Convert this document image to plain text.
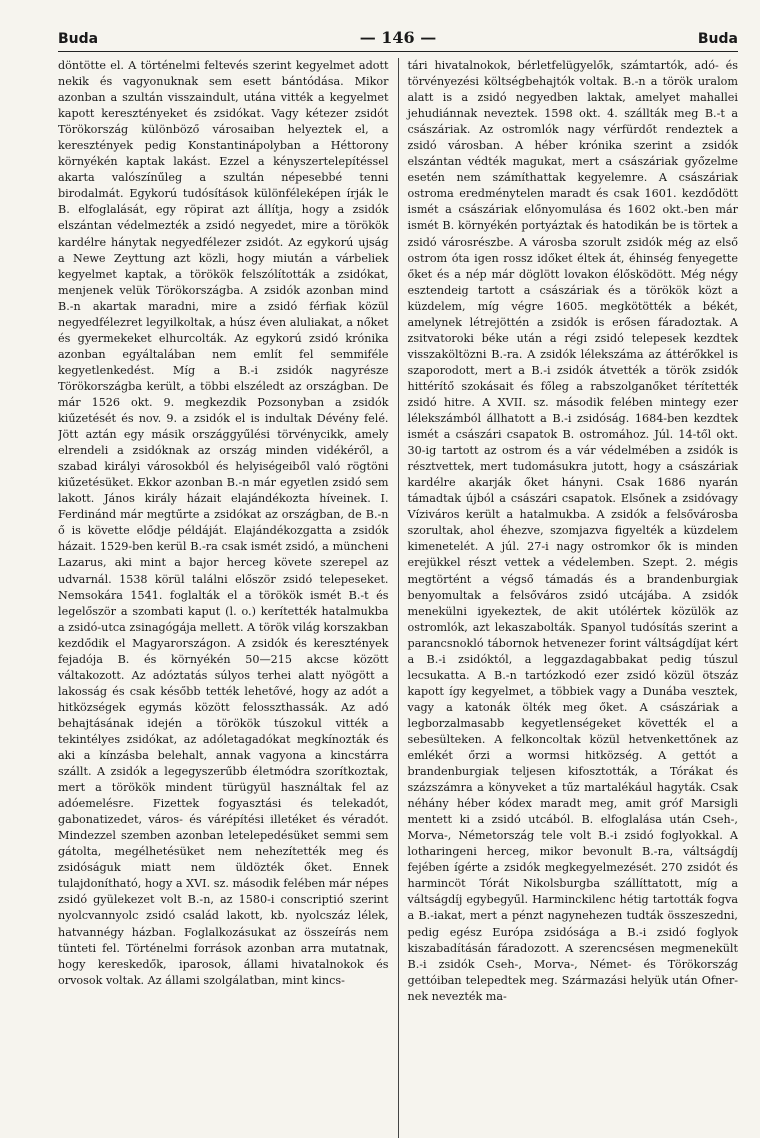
Buda	— 146 —	Buda

döntötte el. A történelmi feltevés szerint kegyelmet adott nekik és vagyonuknak sem esett bántódása. Mikor azonban a szultán visszaindult, utána vitték a kegyelmet kapott keresztényeket és zsidókat. Vagy kétezer zsidót Törökország különböző városaiban helyeztek el, a keresztények pedig Konstantinápolyban a Héttorony környékén kaptak lakást. Ezzel a kényszertelepítéssel akarta valószínűleg a szultán népesebbé tenni birodalmát. Egykorú tudósítások különféleképen írják le B. elfoglalását, egy röpirat azt állítja, hogy a zsidók elszántan védelmezték a zsidó negyedet, mire a törökök kardélre hánytak negyedfélezer zsidót. Az egykorú ujság a Newe Zeyttung azt közli, hogy miután a várbeliek kegyelmet kaptak, a törökök felszólították a zsidókat, menjenek velük Törökországba. A zsidók azonban mind B.-n akartak maradni, mire a zsidó férfiak közül negyedfélezret legyilkoltak, a húsz éven aluliakat, a nőket és gyermekeket elhurcolták. Az egykorú zsidó krónika azonban egyáltalában nem említ fel semmiféle kegyetlenkedést. Míg a B.-i zsidók nagyrésze Törökországba került, a többi elszéledt az országban. De már 1526 okt. 9. megkezdik Pozsonyban a zsidók kiűzetését és nov. 9. a zsidók el is indultak Dévény felé. Jött aztán egy másik országgyűlési törvénycikk, amely elrendeli a zsidóknak az ország minden vidékéről, a szabad királyi városokból és helyiségeiből való rögtöni kiűzetésüket. Ekkor azonban B.-n már egyetlen zsidó sem lakott. János király házait elajándékozta híveinek. I. Ferdinánd már megtűrte a zsidókat az országban, de B.-n ő is követte elődje példáját. Elajándékozgatta a zsidók házait. 1529-ben kerül B.-ra csak ismét zsidó, a müncheni Lazarus, aki mint a bajor herceg követe szerepel az udvarnál. 1538 körül találni először zsidó telepeseket. Nemsokára 1541. foglalták el a törökök ismét B.-t és legelőször a szombati kaput (l. o.) kerítették hatalmukba a zsidó-utca zsinagógája mellett. A török világ korszakban kezdődik el Magyarországon. A zsidók és keresztények fejadója B. és környékén 50—215 akcse között váltakozott. Az adóztatás súlyos terhei alatt nyögött a lakosság és csak később tették lehetővé, hogy az adót a hitközségek egymás között felosszthassák. Az adó behajtásának idején a törökök túszokul vitték a tekintélyes zsidókat, az adóletagadókat megkínozták és aki a kínzásba belehalt, annak vagyona a kincstárra szállt. A zsidók a legegyszerűbb életmódra szorítkoztak, mert a törökök mindent türügyül használtak fel az adóemelésre. Fizettek fogyasztási és telekadót, gabonatizedet, város- és várépítési illetéket és véradót. Mindezzel szemben azonban letelepedésüket semmi sem gátolta, megélhetésüket nem nehezítették meg és zsidóságuk miatt nem üldözték őket. Ennek tulajdonítható, hogy a XVI. sz. második felében már népes zsidó gyülekezet volt B.-n, az 1580-i conscriptió szerint nyolcvannyolc zsidó család lakott, kb. nyolcszáz lélek, hatvannégy házban. Foglalkozásukat az összeírás nem tünteti fel. Történelmi források azonban arra mutatnak, hogy kereskedők, iparosok, állami hivatalnokok és orvosok voltak. Az állami szolgálatban, mint kincs-

tári hivatalnokok, bérletfelügyelők, számtartók, adó- és törvényezési költségbehajtók voltak. B.-n a török uralom alatt is a zsidó negyedben laktak, amelyet mahallei jehudiánnak neveztek. 1598 okt. 4. szállták meg B.-t a császáriak. Az ostromlók nagy vérfürdőt rendeztek a zsidó városban. A héber krónika szerint a zsidók elszántan védték magukat, mert a császáriak győzelme esetén nem számíthattak kegyelemre. A császáriak ostroma eredménytelen maradt és csak 1601. kezdődött ismét a császáriak előnyomulása és 1602 okt.-ben már ismét B. környékén portyáztak és hatodikán be is törtek a zsidó városrészbe. A városba szorult zsidók még az első ostrom óta igen rossz időket éltek át, éhinség fenyegette őket és a nép már döglött lovakon élősködött. Még négy esztendeig tartott a császáriak és a törökök közt a küzdelem, míg végre 1605. megkötötték a békét, amelynek létrejöttén a zsidók is erősen fáradoztak. A zsitvatoroki béke után a régi zsidó telepesek kezdtek visszaköltözni B.-ra. A zsidók lélekszáma az áttérőkkel is szaporodott, mert a B.-i zsidók átvették a török zsidók hittérítő szokásait és főleg a rabszolganőket térítették zsidó hitre. A XVII. sz. második felében mintegy ezer lélekszámból állhatott a B.-i zsidóság. 1684-ben kezdtek ismét a császári csapatok B. ostromához. Júl. 14-től okt. 30-ig tartott az ostrom és a vár védelmében a zsidók is résztvettek, mert tudomásukra jutott, hogy a császáriak kardélre akarják őket hányni. Csak 1686 nyarán támadtak újból a császári csapatok. Elsőnek a zsidóvagy Víziváros került a hatalmukba. A zsidók a felsővárosba szorultak, ahol éhezve, szomjazva figyelték a küzdelem kimenetelét. A júl. 27-i nagy ostromkor ők is minden erejükkel részt vettek a védelemben. Szept. 2. mégis megtörtént a végső támadás és a brandenburgiak benyomultak a felsőváros zsidó utcájába. A zsidók menekülni igyekeztek, de akit utólértek közülök az ostromlók, azt lekaszabolták. Spanyol tudósítás szerint a parancsnokló tábornok hetvenezer forint váltságdíjat kért a B.-i zsidóktól, a leggazdagabbakat pedig túszul lecsukatta. A B.-n tartózkodó ezer zsidó közül ötszáz kapott így kegyelmet, a többiek vagy a Dunába vesztek, vagy a katonák ölték meg őket. A császáriak a legborzalmasabb kegyetlenségeket követték el a sebesülteken. A felkoncoltak közül hetvenkettőnek az emlékét őrzi a wormsi hitközség. A gettót a brandenburgiak teljesen kifosztották, a Tórákat és százszámra a könyveket a tűz martalékául hagyták. Csak néhány héber kódex maradt meg, amit gróf Marsigli mentett ki a zsidó utcából. B. elfoglalása után Cseh-, Morva-, Németország tele volt B.-i zsidó foglyokkal. A lotharingeni herceg, mikor bevonult B.-ra, váltságdíj fejében ígérte a zsidók megkegyelmezését. 270 zsidót és harmincöt Tórát Nikolsburgba szállíttatott, míg a váltságdíj egybegyűl. Harminckilenc hétig tartották fogva a B.-iakat, mert a pénzt nagynehezen tudták összeszedni, pedig egész Európa zsidósága a B.-i zsidó foglyok kiszabadításán fáradozott. A szerencsésen megmenekült B.-i zsidók Cseh-, Morva-, Német- és Törökország gettóiban telepedtek meg. Származási helyük után Ofner-nek nevezték ma-
